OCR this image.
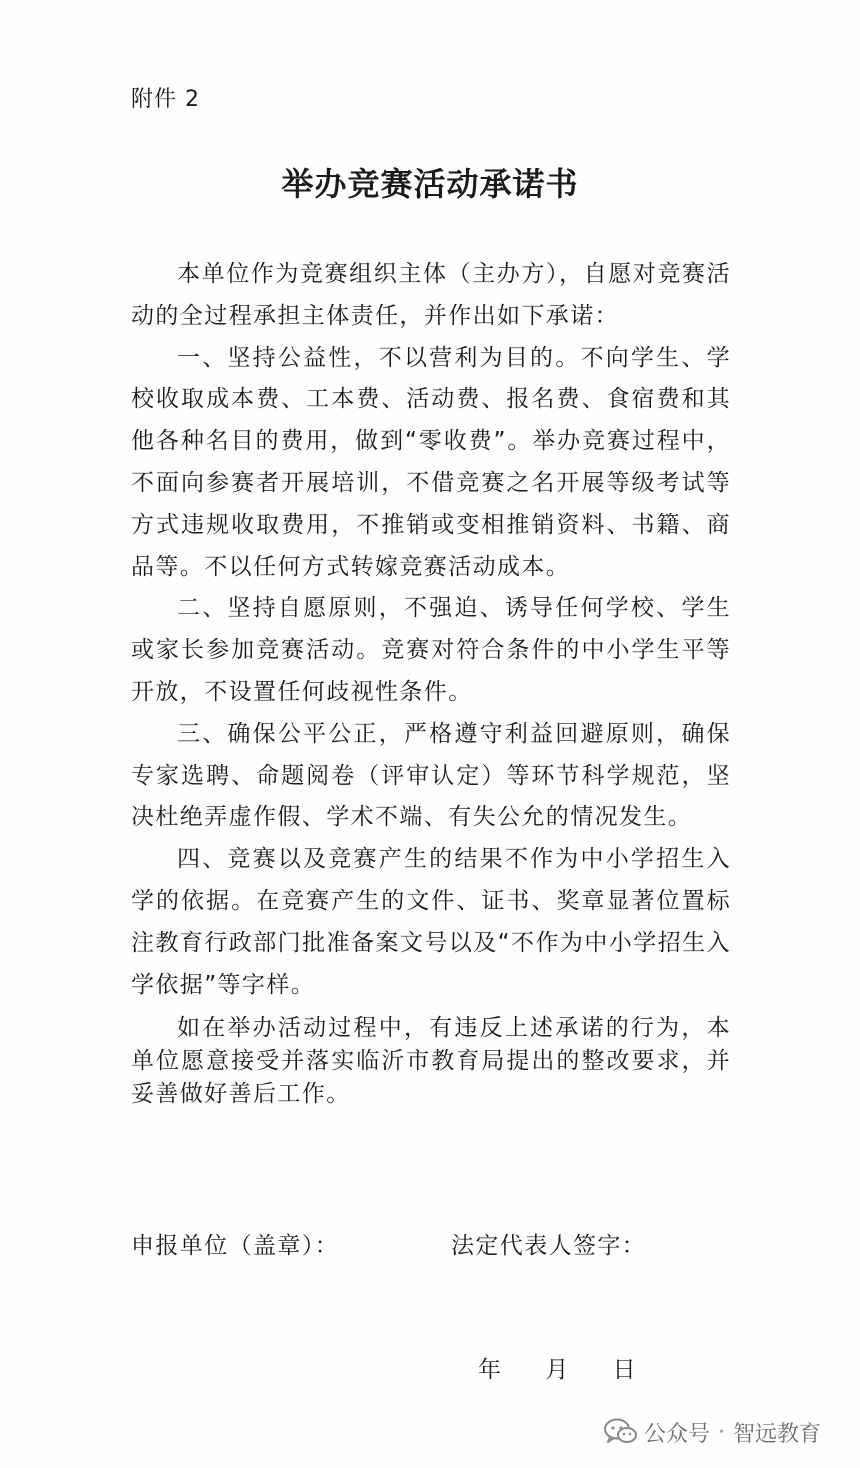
附件 2
举办竞赛活动承诺书

本单位作为竞赛组织主体（主办方），自愿对竞赛活动的全过程承担主体责任，并作出如下承诺：

一、坚持公益性，不以营利为目的。不向学生、学校收取成本费、工本费、活动费、报名费、食宿费和其他各种名目的费用，做到“零收费”。举办竞赛过程中，不面向参赛者开展培训，不借竞赛之名开展等级考试等方式违规收取费用，不推销或变相推销资料、书籍、商品等。不以任何方式转嫁竞赛活动成本。

二、坚持自愿原则，不强迫、诱导任何学校、学生或家长参加竞赛活动。竞赛对符合条件的中小学生平等开放，不设置任何歧视性条件。

三、确保公平公正，严格遵守利益回避原则，确保专家选聘、命题阅卷（评审认定）等环节科学规范，坚决杜绝弄虚作假、学术不端、有失公允的情况发生。

四、竞赛以及竞赛产生的结果不作为中小学招生入学的依据。在竞赛产生的文件、证书、奖章显著位置标注教育行政部门批准备案文号以及“不作为中小学招生入学依据”等字样。

如在举办活动过程中，有违反上述承诺的行为，本单位愿意接受并落实临沂市教育局提出的整改要求，并妥善做好善后工作。

申报单位（盖章）：	法定代表人签字：
年 月 日
公众号 · 智远教育
